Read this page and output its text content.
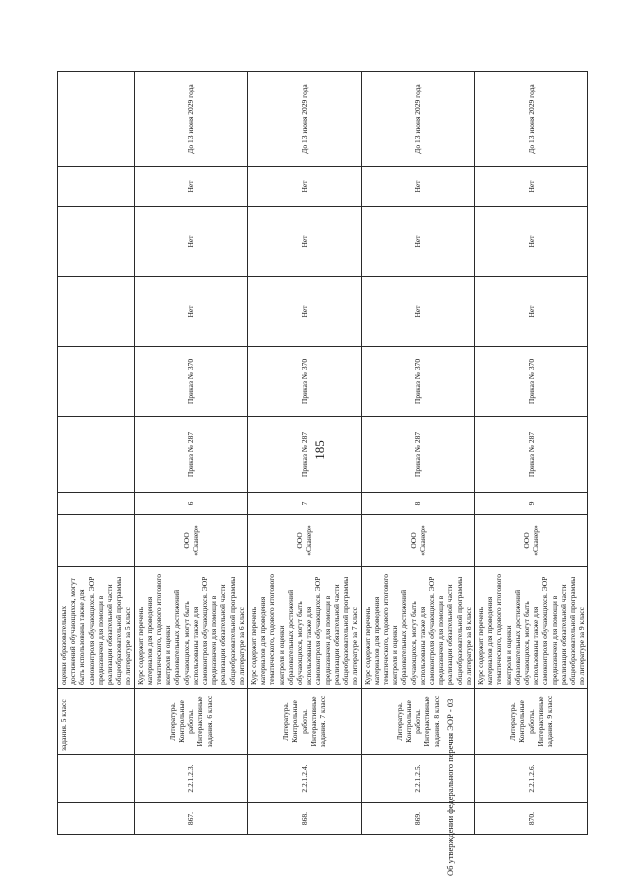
185
		задания. 5 класс	оценки образовательных достижений обучающихся, могут быть использованы также для самоконтроля обучающихся. ЭОР предназначен для помощи в реализации обязательной части общеобразовательной программы по литературе за 5 класс								
867.	2.2.1.2.3.	Литература. Контрольные работы. Интерактивные задания. 6 класс	Курс содержит перечень материалов для проведения тематического, годового итогового контроля и оценки образовательных достижений обучающихся, могут быть использованы также для самоконтроля обучающихся. ЭОР предназначен для помощи в реализации обязательной части общеобразовательной программы по литературе за 6 класс	ООО «Сканер»	6	Приказ № 287	Приказ № 370	Нет	Нет	Нет	До 13 июня 2029 года
868.	2.2.1.2.4.	Литература. Контрольные работы. Интерактивные задания. 7 класс	Курс содержит перечень материалов для проведения тематического, годового итогового контроля и оценки образовательных достижений обучающихся, могут быть использованы также для самоконтроля обучающихся. ЭОР предназначен для помощи в реализации обязательной части общеобразовательной программы по литературе за 7 класс	ООО «Сканер»	7	Приказ № 287	Приказ № 370	Нет	Нет	Нет	До 13 июня 2029 года
869.	2.2.1.2.5.	Литература. Контрольные работы. Интерактивные задания. 8 класс	Курс содержит перечень материалов для проведения тематического, годового итогового контроля и оценки образовательных достижений обучающихся, могут быть использованы также для самоконтроля обучающихся. ЭОР предназначен для помощи в реализации обязательной части общеобразовательной программы по литературе за 8 класс	ООО «Сканер»	8	Приказ № 287	Приказ № 370	Нет	Нет	Нет	До 13 июня 2029 года
870.	2.2.1.2.6.	Литература. Контрольные работы. Интерактивные задания. 9 класс	Курс содержит перечень материалов для проведения тематического, годового итогового контроля и оценки образовательных достижений обучающихся, могут быть использованы также для самоконтроля обучающихся. ЭОР предназначен для помощи в реализации обязательной части общеобразовательной программы по литературе за 9 класс	ООО «Сканер»	9	Приказ № 287	Приказ № 370	Нет	Нет	Нет	До 13 июня 2029 года
Об утверждении федерального перечня ЭОР - 03
